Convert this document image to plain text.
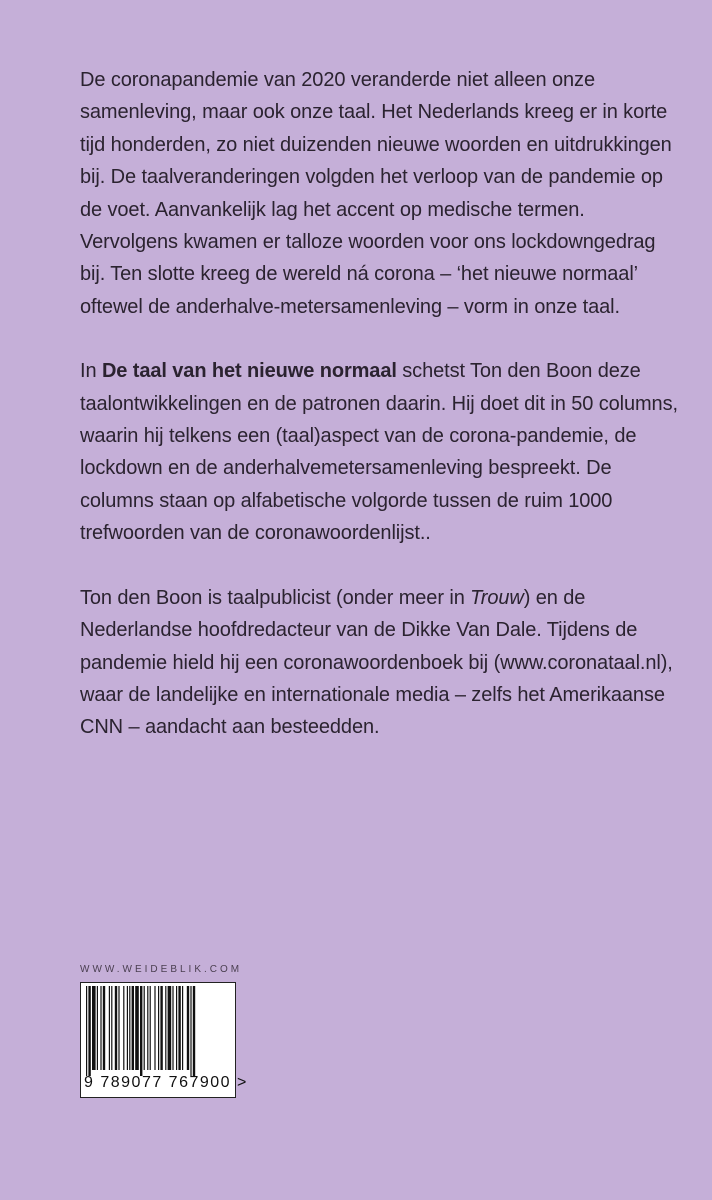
De coronapandemie van 2020 veranderde niet alleen onze samenleving, maar ook onze taal. Het Nederlands kreeg er in korte tijd honderden, zo niet duizenden nieuwe woorden en uitdrukkingen bij. De taalveranderingen volgden het verloop van de pandemie op de voet. Aanvankelijk lag het accent op medische termen. Vervolgens kwamen er talloze woorden voor ons lockdowngedrag bij. Ten slotte kreeg de wereld ná corona – ‘het nieuwe normaal’ oftewel de anderhalve-metersamenleving – vorm in onze taal.

In De taal van het nieuwe normaal schetst Ton den Boon deze taalontwikkelingen en de patronen daarin. Hij doet dit in 50 columns, waarin hij telkens een (taal)aspect van de corona-pandemie, de lockdown en de anderhalvemetersamenleving bespreekt. De columns staan op alfabetische volgorde tussen de ruim 1000 trefwoorden van de coronawoordenlijst..

Ton den Boon is taalpublicist (onder meer in Trouw) en de Nederlandse hoofdredacteur van de Dikke Van Dale. Tijdens de pandemie hield hij een coronawoordenboek bij (www.coronataal.nl), waar de landelijke en internationale media – zelfs het Amerikaanse CNN – aandacht aan besteedden.

WWW.WEIDEBLIK.COM
9 789077 767900 >
